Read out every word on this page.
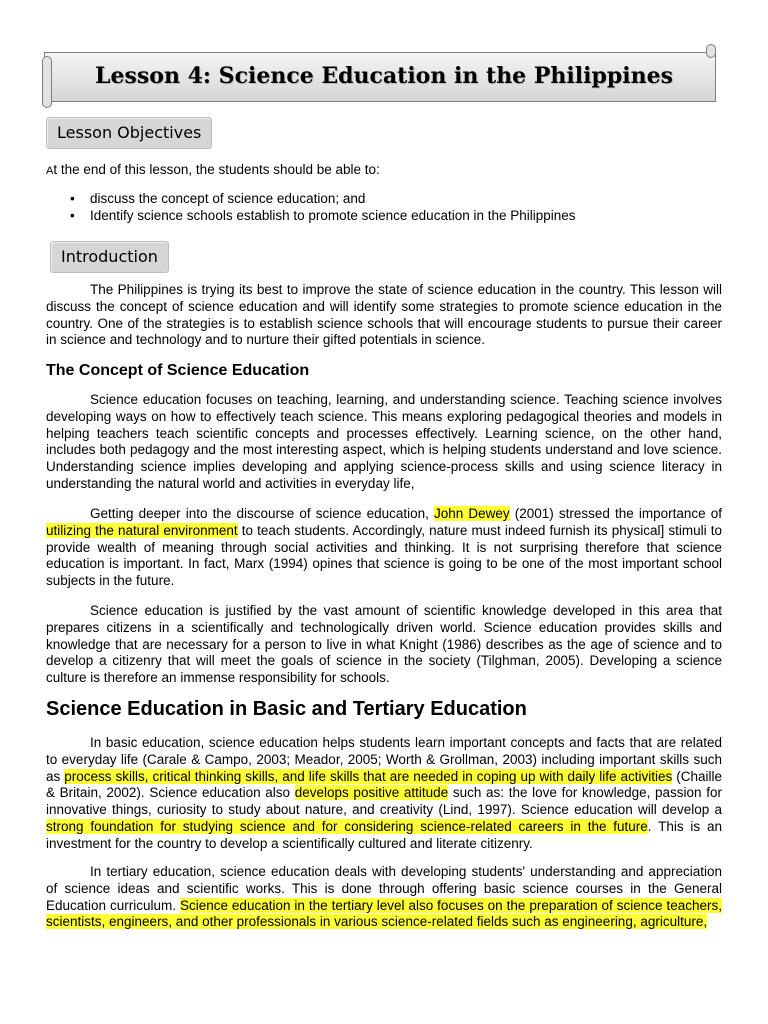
Lesson 4: Science Education in the Philippines
Lesson Objectives
At the end of this lesson, the students should be able to:
• discuss the concept of science education; and
• Identify science schools establish to promote science education in the Philippines
Introduction
The Philippines is trying its best to improve the state of science education in the country. This lesson will discuss the concept of science education and will identify some strategies to promote science education in the country. One of the strategies is to establish science schools that will encourage students to pursue their career in science and technology and to nurture their gifted potentials in science.
The Concept of Science Education
Science education focuses on teaching, learning, and understanding science. Teaching science involves developing ways on how to effectively teach science. This means exploring pedagogical theories and models in helping teachers teach scientific concepts and processes effectively. Learning science, on the other hand, includes both pedagogy and the most interesting aspect, which is helping students understand and love science. Understanding science implies developing and applying science-process skills and using science literacy in understanding the natural world and activities in everyday life,
Getting deeper into the discourse of science education, John Dewey (2001) stressed the importance of utilizing the natural environment to teach students. Accordingly, nature must indeed furnish its physical] stimuli to provide wealth of meaning through social activities and thinking. It is not surprising therefore that science education is important. In fact, Marx (1994) opines that science is going to be one of the most important school subjects in the future.
Science education is justified by the vast amount of scientific knowledge developed in this area that prepares citizens in a scientifically and technologically driven world. Science education provides skills and knowledge that are necessary for a person to live in what Knight (1986) describes as the age of science and to develop a citizenry that will meet the goals of science in the society (Tilghman, 2005). Developing a science culture is therefore an immense responsibility for schools.
Science Education in Basic and Tertiary Education
In basic education, science education helps students learn important concepts and facts that are related to everyday life (Carale & Campo, 2003; Meador, 2005; Worth & Grollman, 2003) including important skills such as process skills, critical thinking skills, and life skills that are needed in coping up with daily life activities (Chaille & Britain, 2002). Science education also develops positive attitude such as: the love for knowledge, passion for innovative things, curiosity to study about nature, and creativity (Lind, 1997). Science education will develop a strong foundation for studying science and for considering science-related careers in the future. This is an investment for the country to develop a scientifically cultured and literate citizenry.
In tertiary education, science education deals with developing students' understanding and appreciation of science ideas and scientific works. This is done through offering basic science courses in the General Education curriculum. Science education in the tertiary level also focuses on the preparation of science teachers, scientists, engineers, and other professionals in various science-related fields such as engineering, agriculture,
